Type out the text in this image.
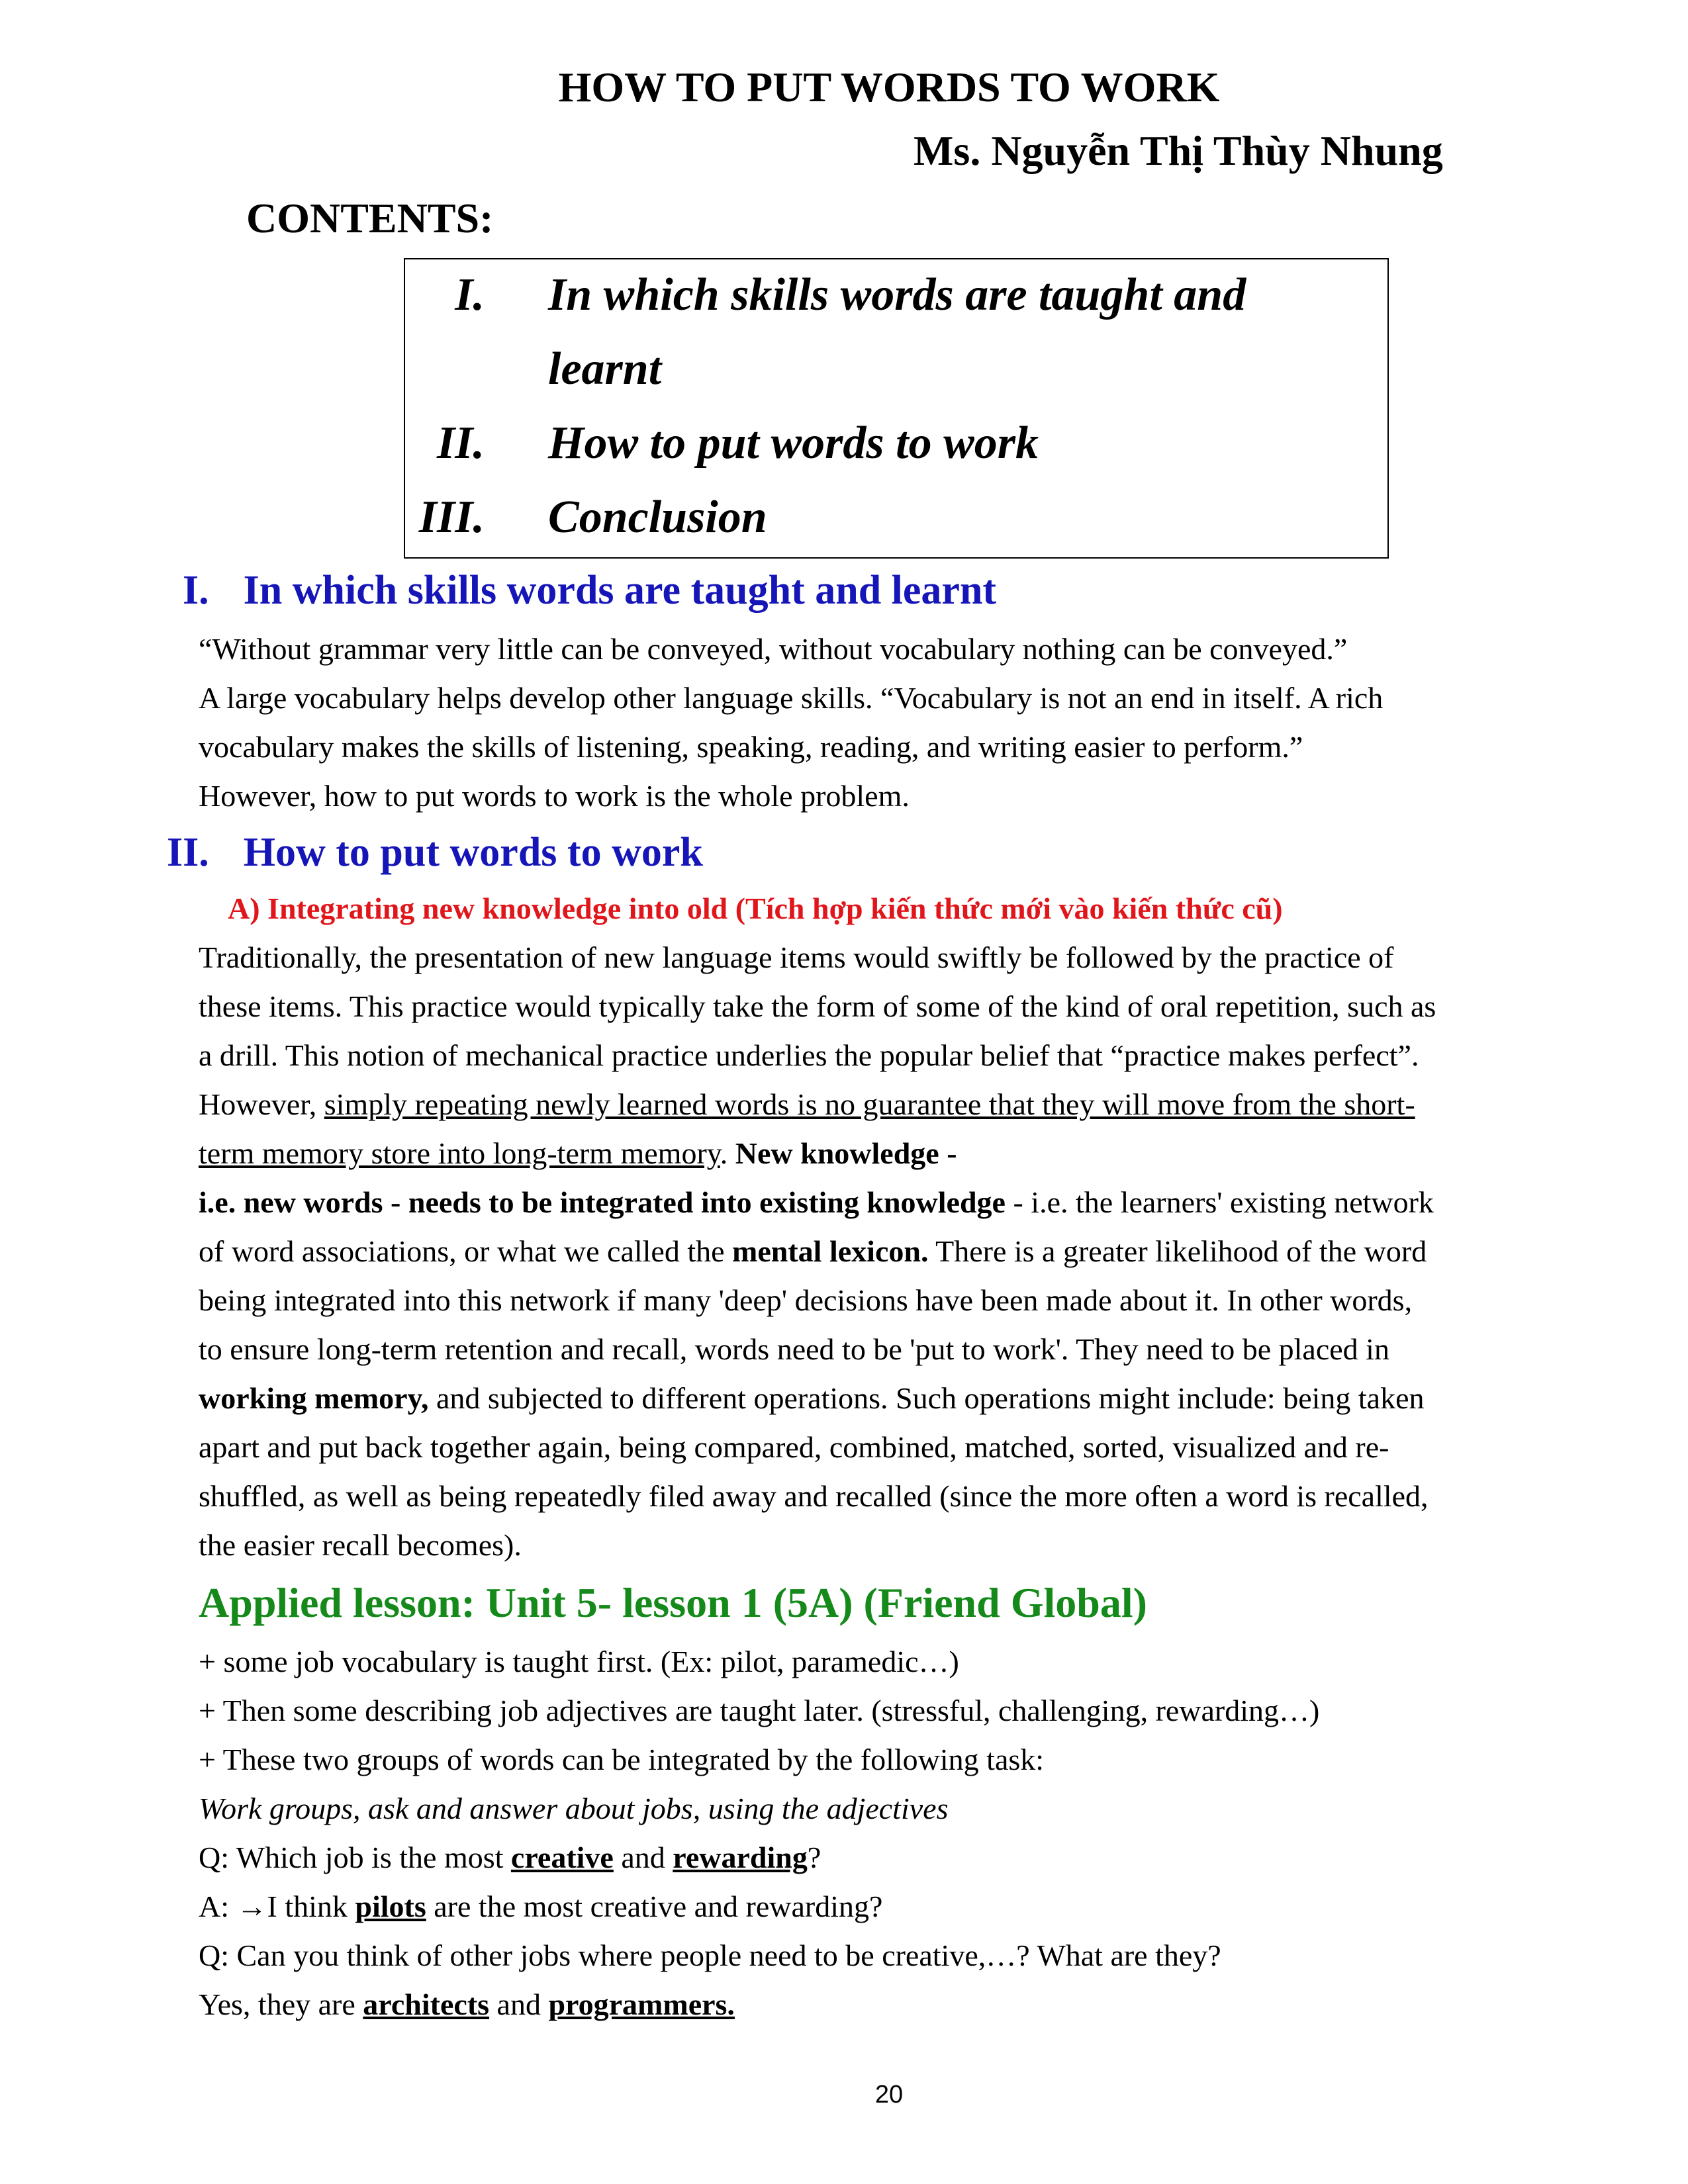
HOW TO PUT WORDS TO WORK
Ms. Nguyễn Thị Thùy Nhung
CONTENTS:
I. In which skills words are taught and
learnt
II. How to put words to work
III. Conclusion
I. In which skills words are taught and learnt
“Without grammar very little can be conveyed, without vocabulary nothing can be conveyed.”
A large vocabulary helps develop other language skills. “Vocabulary is not an end in itself. A rich
vocabulary makes the skills of listening, speaking, reading, and writing easier to perform.”
However, how to put words to work is the whole problem.
II. How to put words to work
A) Integrating new knowledge into old (Tích hợp kiến thức mới vào kiến thức cũ)
Traditionally, the presentation of new language items would swiftly be followed by the practice of
these items. This practice would typically take the form of some of the kind of oral repetition, such as
a drill. This notion of mechanical practice underlies the popular belief that “practice makes perfect”.
However, simply repeating newly learned words is no guarantee that they will move from the short-
term memory store into long-term memory. New knowledge -
i.e. new words - needs to be integrated into existing knowledge - i.e. the learners' existing network
of word associations, or what we called the mental lexicon. There is a greater likelihood of the word
being integrated into this network if many 'deep' decisions have been made about it. In other words,
to ensure long-term retention and recall, words need to be 'put to work'. They need to be placed in
working memory, and subjected to different operations. Such operations might include: being taken
apart and put back together again, being compared, combined, matched, sorted, visualized and re-
shuffled, as well as being repeatedly filed away and recalled (since the more often a word is recalled,
the easier recall becomes).
Applied lesson: Unit 5- lesson 1 (5A) (Friend Global)
+ some job vocabulary is taught first. (Ex: pilot, paramedic…)
+ Then some describing job adjectives are taught later. (stressful, challenging, rewarding…)
+ These two groups of words can be integrated by the following task:
Work groups, ask and answer about jobs, using the adjectives
Q: Which job is the most creative and rewarding?
A: →I think pilots are the most creative and rewarding?
Q: Can you think of other jobs where people need to be creative,…? What are they?
Yes, they are architects and programmers.
20
